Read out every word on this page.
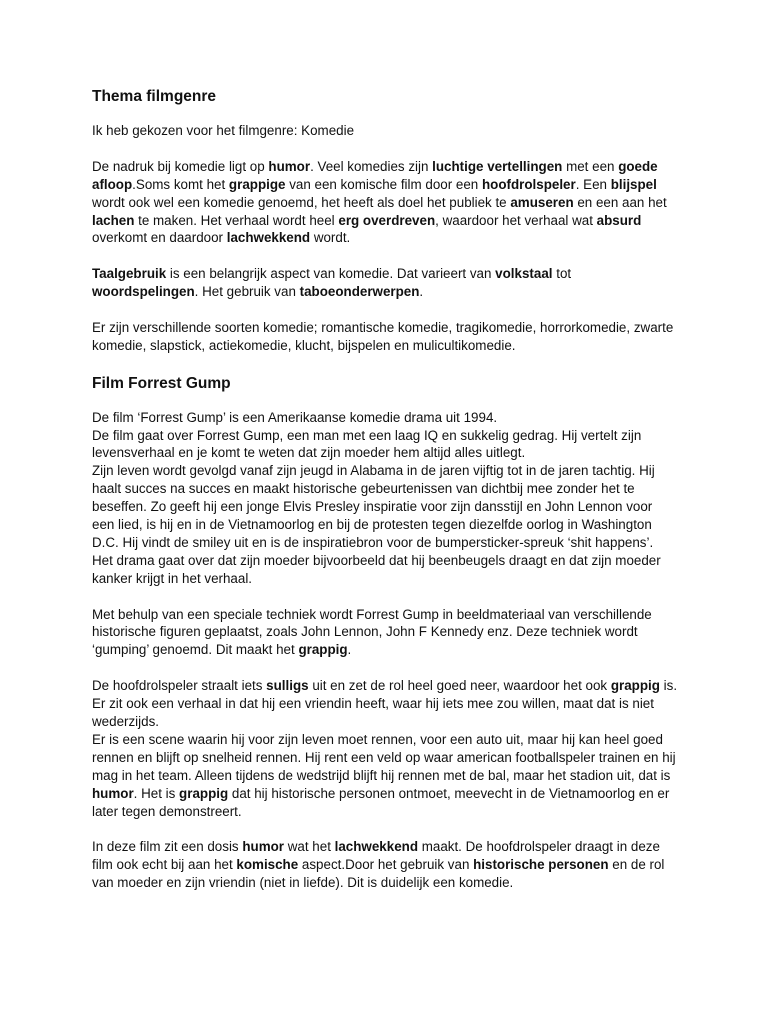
Thema filmgenre

Ik heb gekozen voor het filmgenre: Komedie

De nadruk bij komedie ligt op humor. Veel komedies zijn luchtige vertellingen met een goede afloop.Soms komt het grappige van een komische film door een hoofdrolspeler. Een blijspel wordt ook wel een komedie genoemd, het heeft als doel het publiek te amuseren en een aan het lachen te maken. Het verhaal wordt heel erg overdreven, waardoor het verhaal wat absurd overkomt en daardoor lachwekkend wordt.

Taalgebruik is een belangrijk aspect van komedie. Dat varieert van volkstaal tot woordspelingen. Het gebruik van taboeonderwerpen.

Er zijn verschillende soorten komedie; romantische komedie, tragikomedie, horrorkomedie, zwarte komedie, slapstick, actiekomedie, klucht, bijspelen en mulicultikomedie.

Film Forrest Gump

De film ‘Forrest Gump’ is een Amerikaanse komedie drama uit 1994.

De film gaat over Forrest Gump, een man met een laag IQ en sukkelig gedrag. Hij vertelt zijn levensverhaal en je komt te weten dat zijn moeder hem altijd alles uitlegt.

Zijn leven wordt gevolgd vanaf zijn jeugd in Alabama in de jaren vijftig tot in de jaren tachtig. Hij haalt succes na succes en maakt historische gebeurtenissen van dichtbij mee zonder het te beseffen. Zo geeft hij een jonge Elvis Presley inspiratie voor zijn dansstijl en John Lennon voor een lied, is hij en in de Vietnamoorlog en bij de protesten tegen diezelfde oorlog in Washington D.C. Hij vindt de smiley uit en is de inspiratiebron voor de bumpersticker-spreuk ‘shit happens’.

Het drama gaat over dat zijn moeder bijvoorbeeld dat hij beenbeugels draagt en dat zijn moeder kanker krijgt in het verhaal.

Met behulp van een speciale techniek wordt Forrest Gump in beeldmateriaal van verschillende historische figuren geplaatst, zoals John Lennon, John F Kennedy enz. Deze techniek wordt ‘gumping’ genoemd. Dit maakt het grappig.

De hoofdrolspeler straalt iets sulligs uit en zet de rol heel goed neer, waardoor het ook grappig is. Er zit ook een verhaal in dat hij een vriendin heeft, waar hij iets mee zou willen, maat dat is niet wederzijds.

Er is een scene waarin hij voor zijn leven moet rennen, voor een auto uit, maar hij kan heel goed rennen en blijft op snelheid rennen. Hij rent een veld op waar american footballspeler trainen en hij mag in het team. Alleen tijdens de wedstrijd blijft hij rennen met de bal, maar het stadion uit, dat is humor. Het is grappig dat hij historische personen ontmoet, meevecht in de Vietnamoorlog en er later tegen demonstreert.

In deze film zit een dosis humor wat het lachwekkend maakt. De hoofdrolspeler draagt in deze film ook echt bij aan het komische aspect.Door het gebruik van historische personen en de rol van moeder en zijn vriendin (niet in liefde). Dit is duidelijk een komedie.
